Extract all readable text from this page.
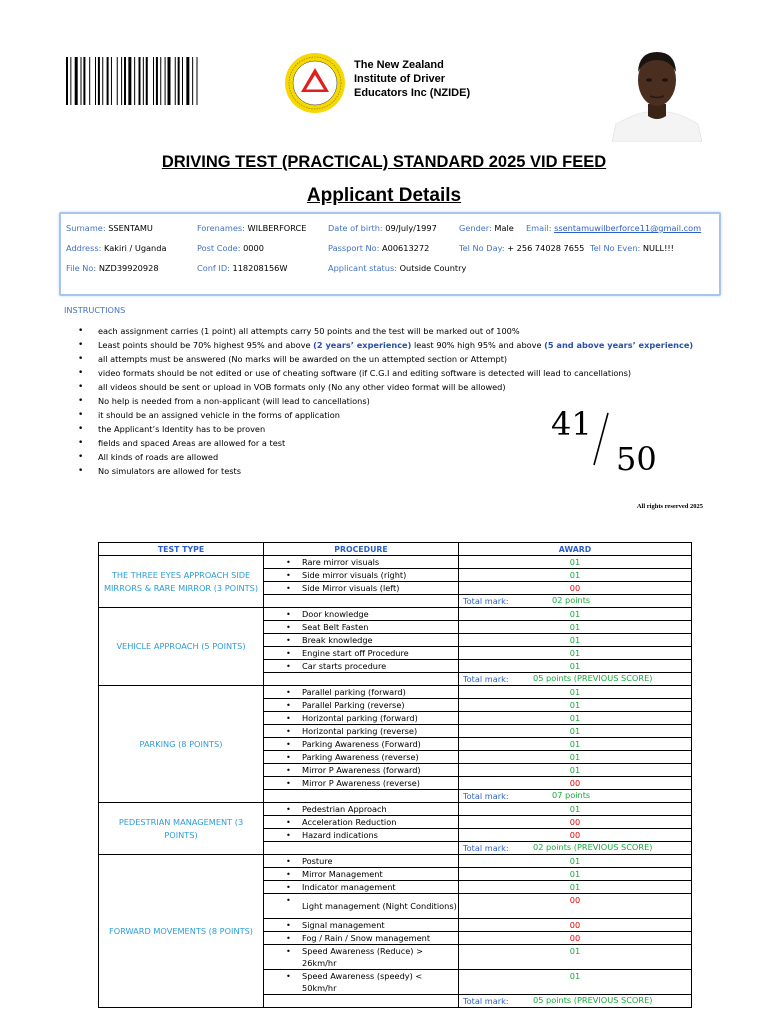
The New Zealand
Institute of Driver
Educators Inc (NZIDE)
DRIVING TEST (PRACTICAL) STANDARD 2025 VID FEED
Applicant Details
Surname: SSENTAMU	Forenames: WILBERFORCE	Date of birth: 09/July/1997	Gender: Male Email: ssentamuwilberforce11@gmail.com
Address: Kakiri / Uganda	Post Code: 0000	Passport No: A00613272	Tel No Day: + 256 74028 7655 Tel No Even: NULL!!!
File No: NZD39920928	Conf ID: 118208156W	Applicant status: Outside Country
INSTRUCTIONS
• each assignment carries (1 point) all attempts carry 50 points and the test will be marked out of 100%
• Least points should be 70% highest 95% and above (2 years’ experience) least 90% high 95% and above (5 and above years’ experience)
• all attempts must be answered (No marks will be awarded on the un attempted section or Attempt)
• video formats should be not edited or use of cheating software (if C.G.I and editing software is detected will lead to cancellations)
• all videos should be sent or upload in VOB formats only (No any other video format will be allowed)
• No help is needed from a non-applicant (will lead to cancellations)
• it should be an assigned vehicle in the forms of application
• the Applicant’s Identity has to be proven
• fields and spaced Areas are allowed for a test
• All kinds of roads are allowed
• No simulators are allowed for tests
41
50
All rights reserved 2025
TEST TYPE	PROCEDURE	AWARD
THE THREE EYES APPROACH SIDE MIRRORS & RARE MIRROR (3 POINTS)	• Rare mirror visuals	01
	• Side mirror visuals (right)	01
	• Side Mirror visuals (left)	00
		Total mark: 02 points

VEHICLE APPROACH (5 POINTS)	• Door knowledge	01
	• Seat Belt Fasten	01
	• Break knowledge	01
	• Engine start off Procedure	01
	• Car starts procedure	01
		Total mark: 05 points (PREVIOUS SCORE)

PARKING (8 POINTS)	• Parallel parking (forward)	01
	• Parallel Parking (reverse)	01
	• Horizontal parking (forward)	01
	• Horizontal parking (reverse)	01
	• Parking Awareness (Forward)	01
	• Parking Awareness (reverse)	01
	• Mirror P Awareness (forward)	01
	• Mirror P Awareness (reverse)	00
		Total mark: 07 points

PEDESTRIAN MANAGEMENT (3 POINTS)	• Pedestrian Approach	01
	• Acceleration Reduction	00
	• Hazard indications	00
		Total mark: 02 points (PREVIOUS SCORE)

FORWARD MOVEMENTS (8 POINTS)	• Posture	01
	• Mirror Management	01
	• Indicator management	01
	• Light management (Night Conditions)	00
	• Signal management	00
	• Fog / Rain / Snow management	00
	• Speed Awareness (Reduce) > 26km/hr	01
	• Speed Awareness (speedy) < 50km/hr	01
		Total mark: 05 points (PREVIOUS SCORE)
